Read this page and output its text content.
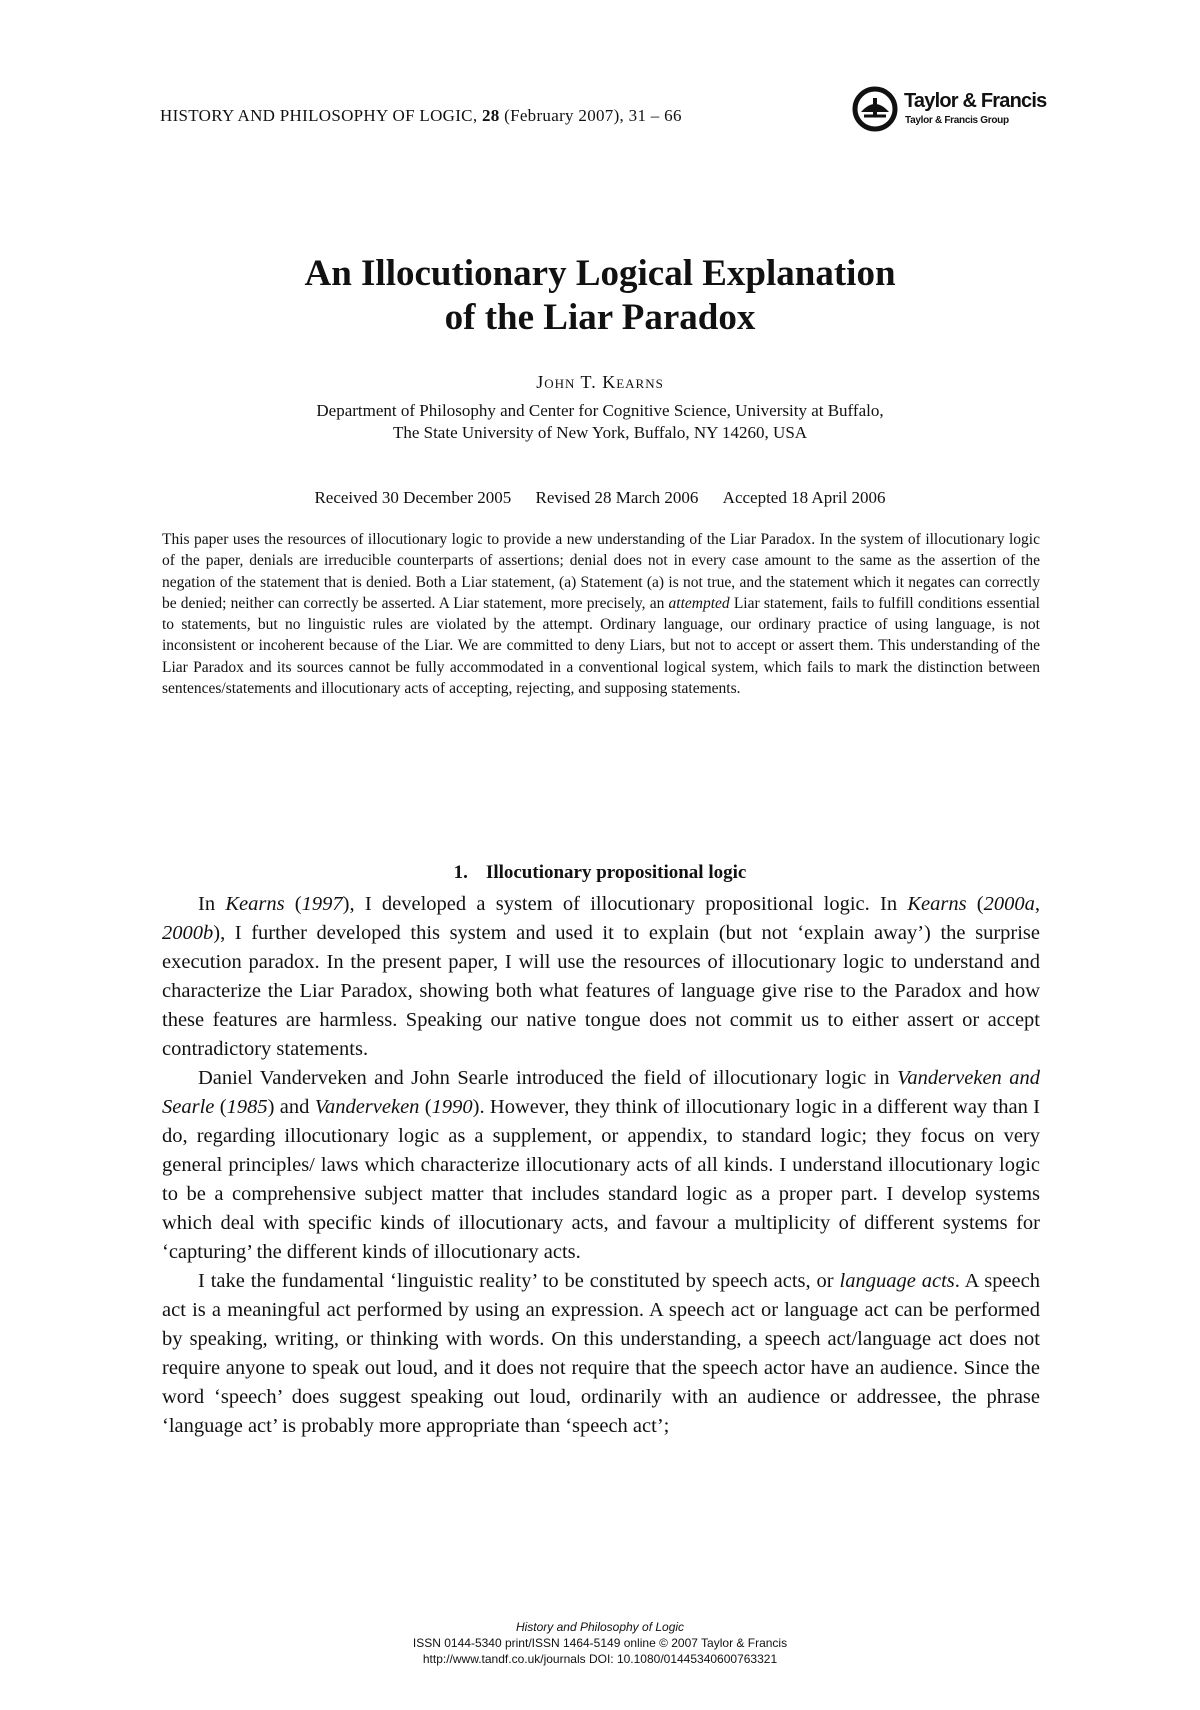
HISTORY AND PHILOSOPHY OF LOGIC, 28 (February 2007), 31 – 66
Taylor & Francis
Taylor & Francis Group
An Illocutionary Logical Explanation
of the Liar Paradox
John T. Kearns
Department of Philosophy and Center for Cognitive Science, University at Buffalo,
The State University of New York, Buffalo, NY 14260, USA
Received 30 December 2005 Revised 28 March 2006 Accepted 18 April 2006

This paper uses the resources of illocutionary logic to provide a new understanding of the Liar Paradox. In the system of illocutionary logic of the paper, denials are irreducible counterparts of assertions; denial does not in every case amount to the same as the assertion of the negation of the statement that is denied. Both a Liar statement, (a) Statement (a) is not true, and the statement which it negates can correctly be denied; neither can correctly be asserted. A Liar statement, more precisely, an attempted Liar statement, fails to fulfill conditions essential to statements, but no linguistic rules are violated by the attempt. Ordinary language, our ordinary practice of using language, is not inconsistent or incoherent because of the Liar. We are committed to deny Liars, but not to accept or assert them. This understanding of the Liar Paradox and its sources cannot be fully accommodated in a conventional logical system, which fails to mark the distinction between sentences/statements and illocutionary acts of accepting, rejecting, and supposing statements.

1. Illocutionary propositional logic

In Kearns (1997), I developed a system of illocutionary propositional logic. In Kearns (2000a, 2000b), I further developed this system and used it to explain (but not ‘explain away’) the surprise execution paradox. In the present paper, I will use the resources of illocutionary logic to understand and characterize the Liar Paradox, showing both what features of language give rise to the Paradox and how these features are harmless. Speaking our native tongue does not commit us to either assert or accept contradictory statements.

Daniel Vanderveken and John Searle introduced the field of illocutionary logic in Vanderveken and Searle (1985) and Vanderveken (1990). However, they think of illocutionary logic in a different way than I do, regarding illocutionary logic as a supplement, or appendix, to standard logic; they focus on very general principles/ laws which characterize illocutionary acts of all kinds. I understand illocutionary logic to be a comprehensive subject matter that includes standard logic as a proper part. I develop systems which deal with specific kinds of illocutionary acts, and favour a multiplicity of different systems for ‘capturing’ the different kinds of illocutionary acts.

I take the fundamental ‘linguistic reality’ to be constituted by speech acts, or language acts. A speech act is a meaningful act performed by using an expression. A speech act or language act can be performed by speaking, writing, or thinking with words. On this understanding, a speech act/language act does not require anyone to speak out loud, and it does not require that the speech actor have an audience. Since the word ‘speech’ does suggest speaking out loud, ordinarily with an audience or addressee, the phrase ‘language act’ is probably more appropriate than ‘speech act’;

History and Philosophy of Logic
ISSN 0144-5340 print/ISSN 1464-5149 online © 2007 Taylor & Francis
http://www.tandf.co.uk/journals DOI: 10.1080/01445340600763321
